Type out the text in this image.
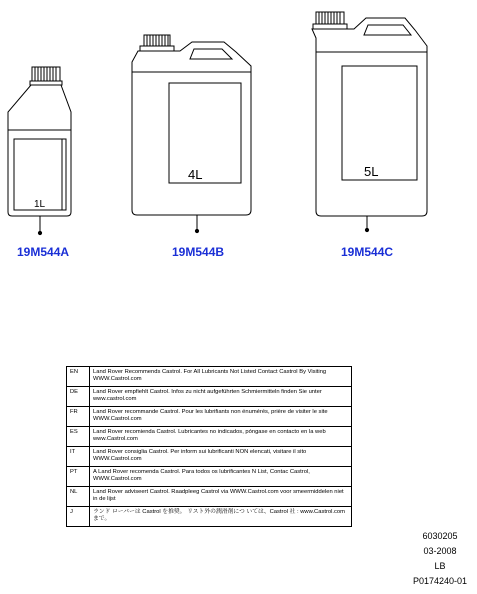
1L
4L	5L
19M544A	19M544B	19M544C
EN	Land Rover Recommends Castrol. For All Lubricants Not Listed Contact Castrol By Visiting WWW.Castrol.com
DE	Land Rover empfiehlt Castrol. Infos zu nicht aufgeführten Schmiermitteln finden Sie unter www.castrol.com
FR	Land Rover recommande Castrol. Pour les lubrifiants non énumérés, prière de visiter le site WWW.Castrol.com
ES	Land Rover recomienda Castrol. Lubricantes no indicados, póngase en contacto en la web www.Castrol.com
IT	Land Rover consiglia Castrol. Per inform sui lubrificanti NON elencati, visitare il sito WWW.Castrol.com
PT	A Land Rover recomenda Castrol. Para todos os lubrificantes N List, Contac Castrol, WWW.Castrol.com
NL	Land Rover adviseert Castrol. Raadpleeg Castrol via WWW.Castrol.com voor smeermiddelen niet in de lijst
J	ランド ローバーは Castrol を推奨。 リスト外の潤滑剤につ いては、Castrol 社 : www.Castrol.com まで。
6030205
03-2008
LB
P0174240-01
